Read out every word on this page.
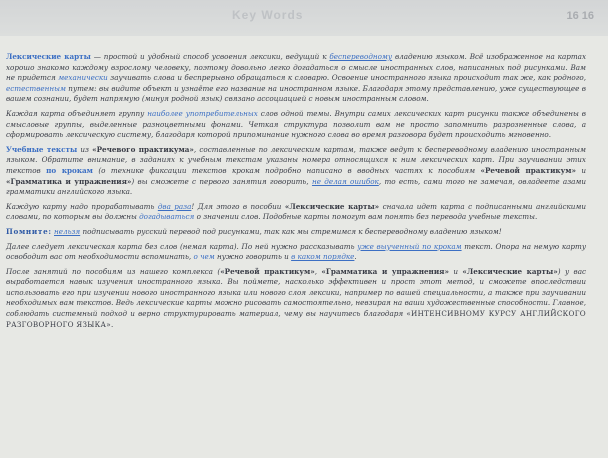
Key Words	16 16

Лексические карты — простой и удобный способ усвоения лексики, ведущий к беспереводному владению языком. Всё изображенное на картах хорошо знакомо каждому взрослому человеку, поэтому довольно легко догадаться о смысле иностранных слов, написанных под рисунками. Вам не придется механически заучивать слова и беспрерывно обращаться к словарю. Освоение иностранного языка происходит так же, как родного, естественным путем: вы видите объект и узнаёте его название на иностранном языке. Благодаря этому представлению, уже существующее в вашем сознании, будет напрямую (минуя родной язык) связано ассоциацией с новым иностранным словом.

Каждая карта объединяет группу наиболее употребительных слов одной темы. Внутри самих лексических карт рисунки также объединены в смысловые группы, выделенные разноцветными фонами. Четкая структура позволит вам не просто запомнить разрозненные слова, а сформировать лексическую систему, благодаря которой припоминание нужного слова во время разговора будет происходить мгновенно.

Учебные тексты из «Речевого практикума», составленные по лексическим картам, также ведут к беспереводному владению иностранным языком. Обратите внимание, в заданиях к учебным текстам указаны номера относящихся к ним лексических карт. При заучивании этих текстов по крокам (о технике фиксации текстов крокам подробно написано в вводных частях к пособиям «Речевой практикум» и «Грамматика и упражнения») вы сможете с первого занятия говорить, не делая ошибок, то есть, сами того не замечая, овладеете азами грамматики английского языка.

Каждую карту надо прорабатывать два раза! Для этого в пособии «Лексические карты» сначала идет карта с подписанными английскими словами, по которым вы должны догадываться о значении слов. Подобные карты помогут вам понять без перевода учебные тексты.

Помните: нельзя подписывать русский перевод под рисунками, так как мы стремимся к беспереводному владению языком!

Далее следует лексическая карта без слов (немая карта). По ней нужно рассказывать уже выученный по крокам текст. Опора на немую карту освободит вас от необходимости вспоминать, о чем нужно говорить и в каком порядке.

После занятий по пособиям из нашего комплекса («Речевой практикум», «Грамматика и упражнения» и «Лексические карты») у вас выработается навык изучения иностранного языка. Вы поймете, насколько эффективен и прост этот метод, и сможете впоследствии использовать его при изучении нового иностранного языка или нового слоя лексики, например по вашей специальности, а также при заучивании необходимых вам текстов. Ведь лексические карты можно рисовать самостоятельно, невзирая на ваши художественные способности. Главное, соблюдать системный подход и верно структурировать материал, чему вы научитесь благодаря «ИНТЕНСИВНОМУ КУРСУ АНГЛИЙСКОГО РАЗГОВОРНОГО ЯЗЫКА».
